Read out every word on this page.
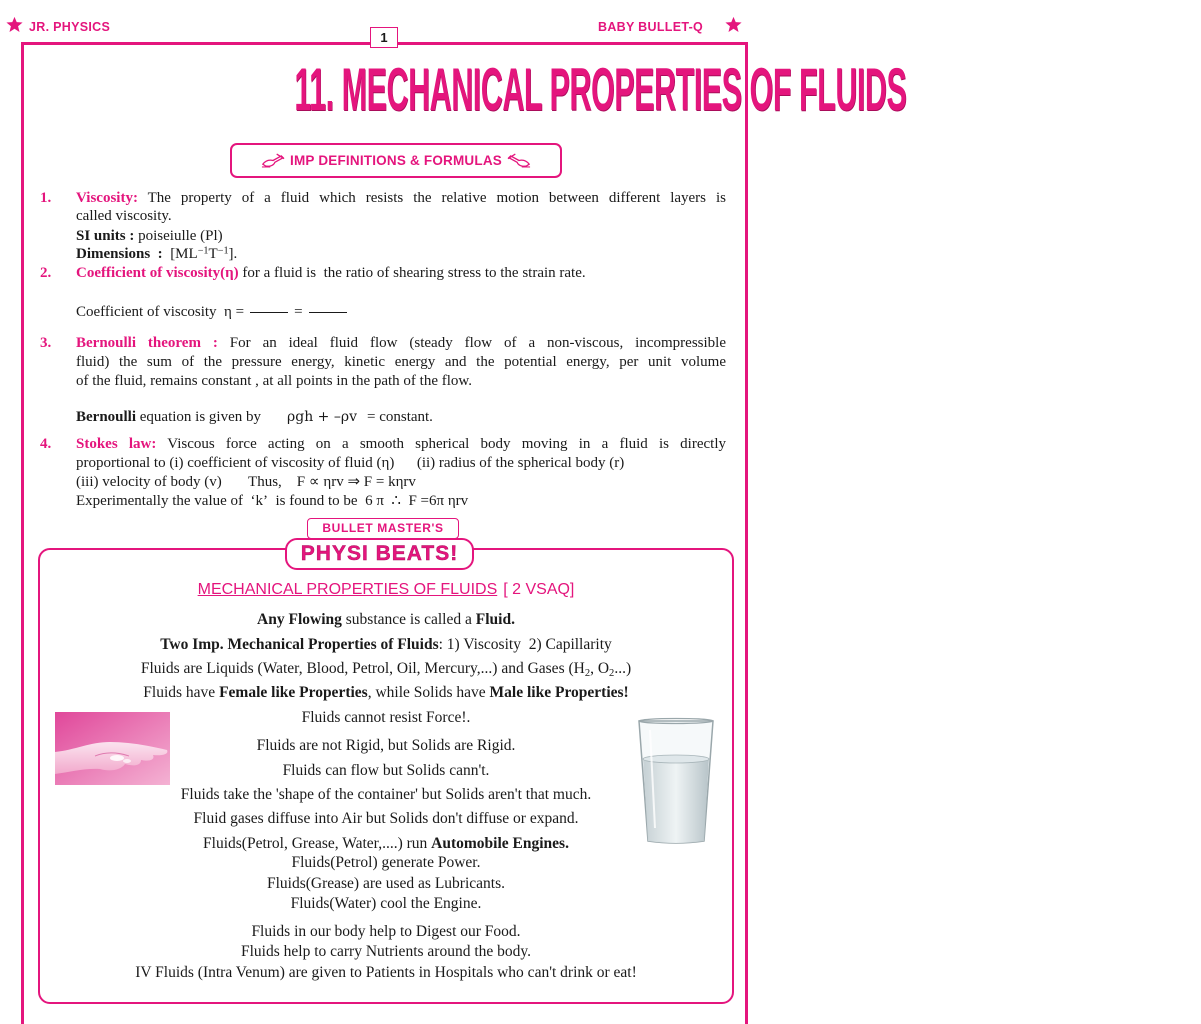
JR. PHYSICS
1
BABY BULLET-Q
11. MECHANICAL PROPERTIES OF FLUIDS
IMP DEFINITIONS & FORMULAS
1. Viscosity: The property of a fluid which resists the relative motion between different layers is
called viscosity.
SI units : poiseiulle (Pl)
Dimensions  :  $[ML^{-1}T^{-1}]$.
2. Coefficient of viscosity(η) for a fluid is  the ratio of shearing stress to the strain rate.
Coefficient of viscosity  η =	=
3. Bernoulli theorem : For an ideal fluid flow (steady flow of a non-viscous, incompressible
fluid) the sum of the pressure energy, kinetic energy and the potential energy, per unit volume
of the fluid, remains constant , at all points in the path of the flow.
Bernoulli equation is given by ρgh + –ρv = constant.
4. Stokes law: Viscous force acting on a smooth spherical body moving in a fluid is directly
proportional to (i) coefficient of viscosity of fluid (η)      (ii) radius of the spherical body (r)
(iii) velocity of body (v)       Thus,    F ∝ ηrv ⇒ F = kηrv
Experimentally the value of  ‘k’  is found to be  6 π  ∴  F =6π ηrv
PHYSI BEATS!
BULLET MASTER'S
MECHANICAL PROPERTIES OF FLUIDS [ 2 VSAQ]
Any Flowing substance is called a Fluid.
Two Imp. Mechanical Properties of Fluids: 1) Viscosity  2) Capillarity
Fluids are Liquids (Water, Blood, Petrol, Oil, Mercury,...) and Gases ($H_2$, $O_2$...)
Fluids have Female like Properties, while Solids have Male like Properties!
Fluids cannot resist Force!.
Fluids are not Rigid, but Solids are Rigid.
Fluids can flow but Solids cann't.
Fluids take the 'shape of the container' but Solids aren't that much.
Fluid gases diffuse into Air but Solids don't diffuse or expand.
Fluids(Petrol, Grease, Water,....) run Automobile Engines.
Fluids(Petrol) generate Power.
Fluids(Grease) are used as Lubricants.
Fluids(Water) cool the Engine.
Fluids in our body help to Digest our Food.
Fluids help to carry Nutrients around the body.
IV Fluids (Intra Venum) are given to Patients in Hospitals who can't drink or eat!
